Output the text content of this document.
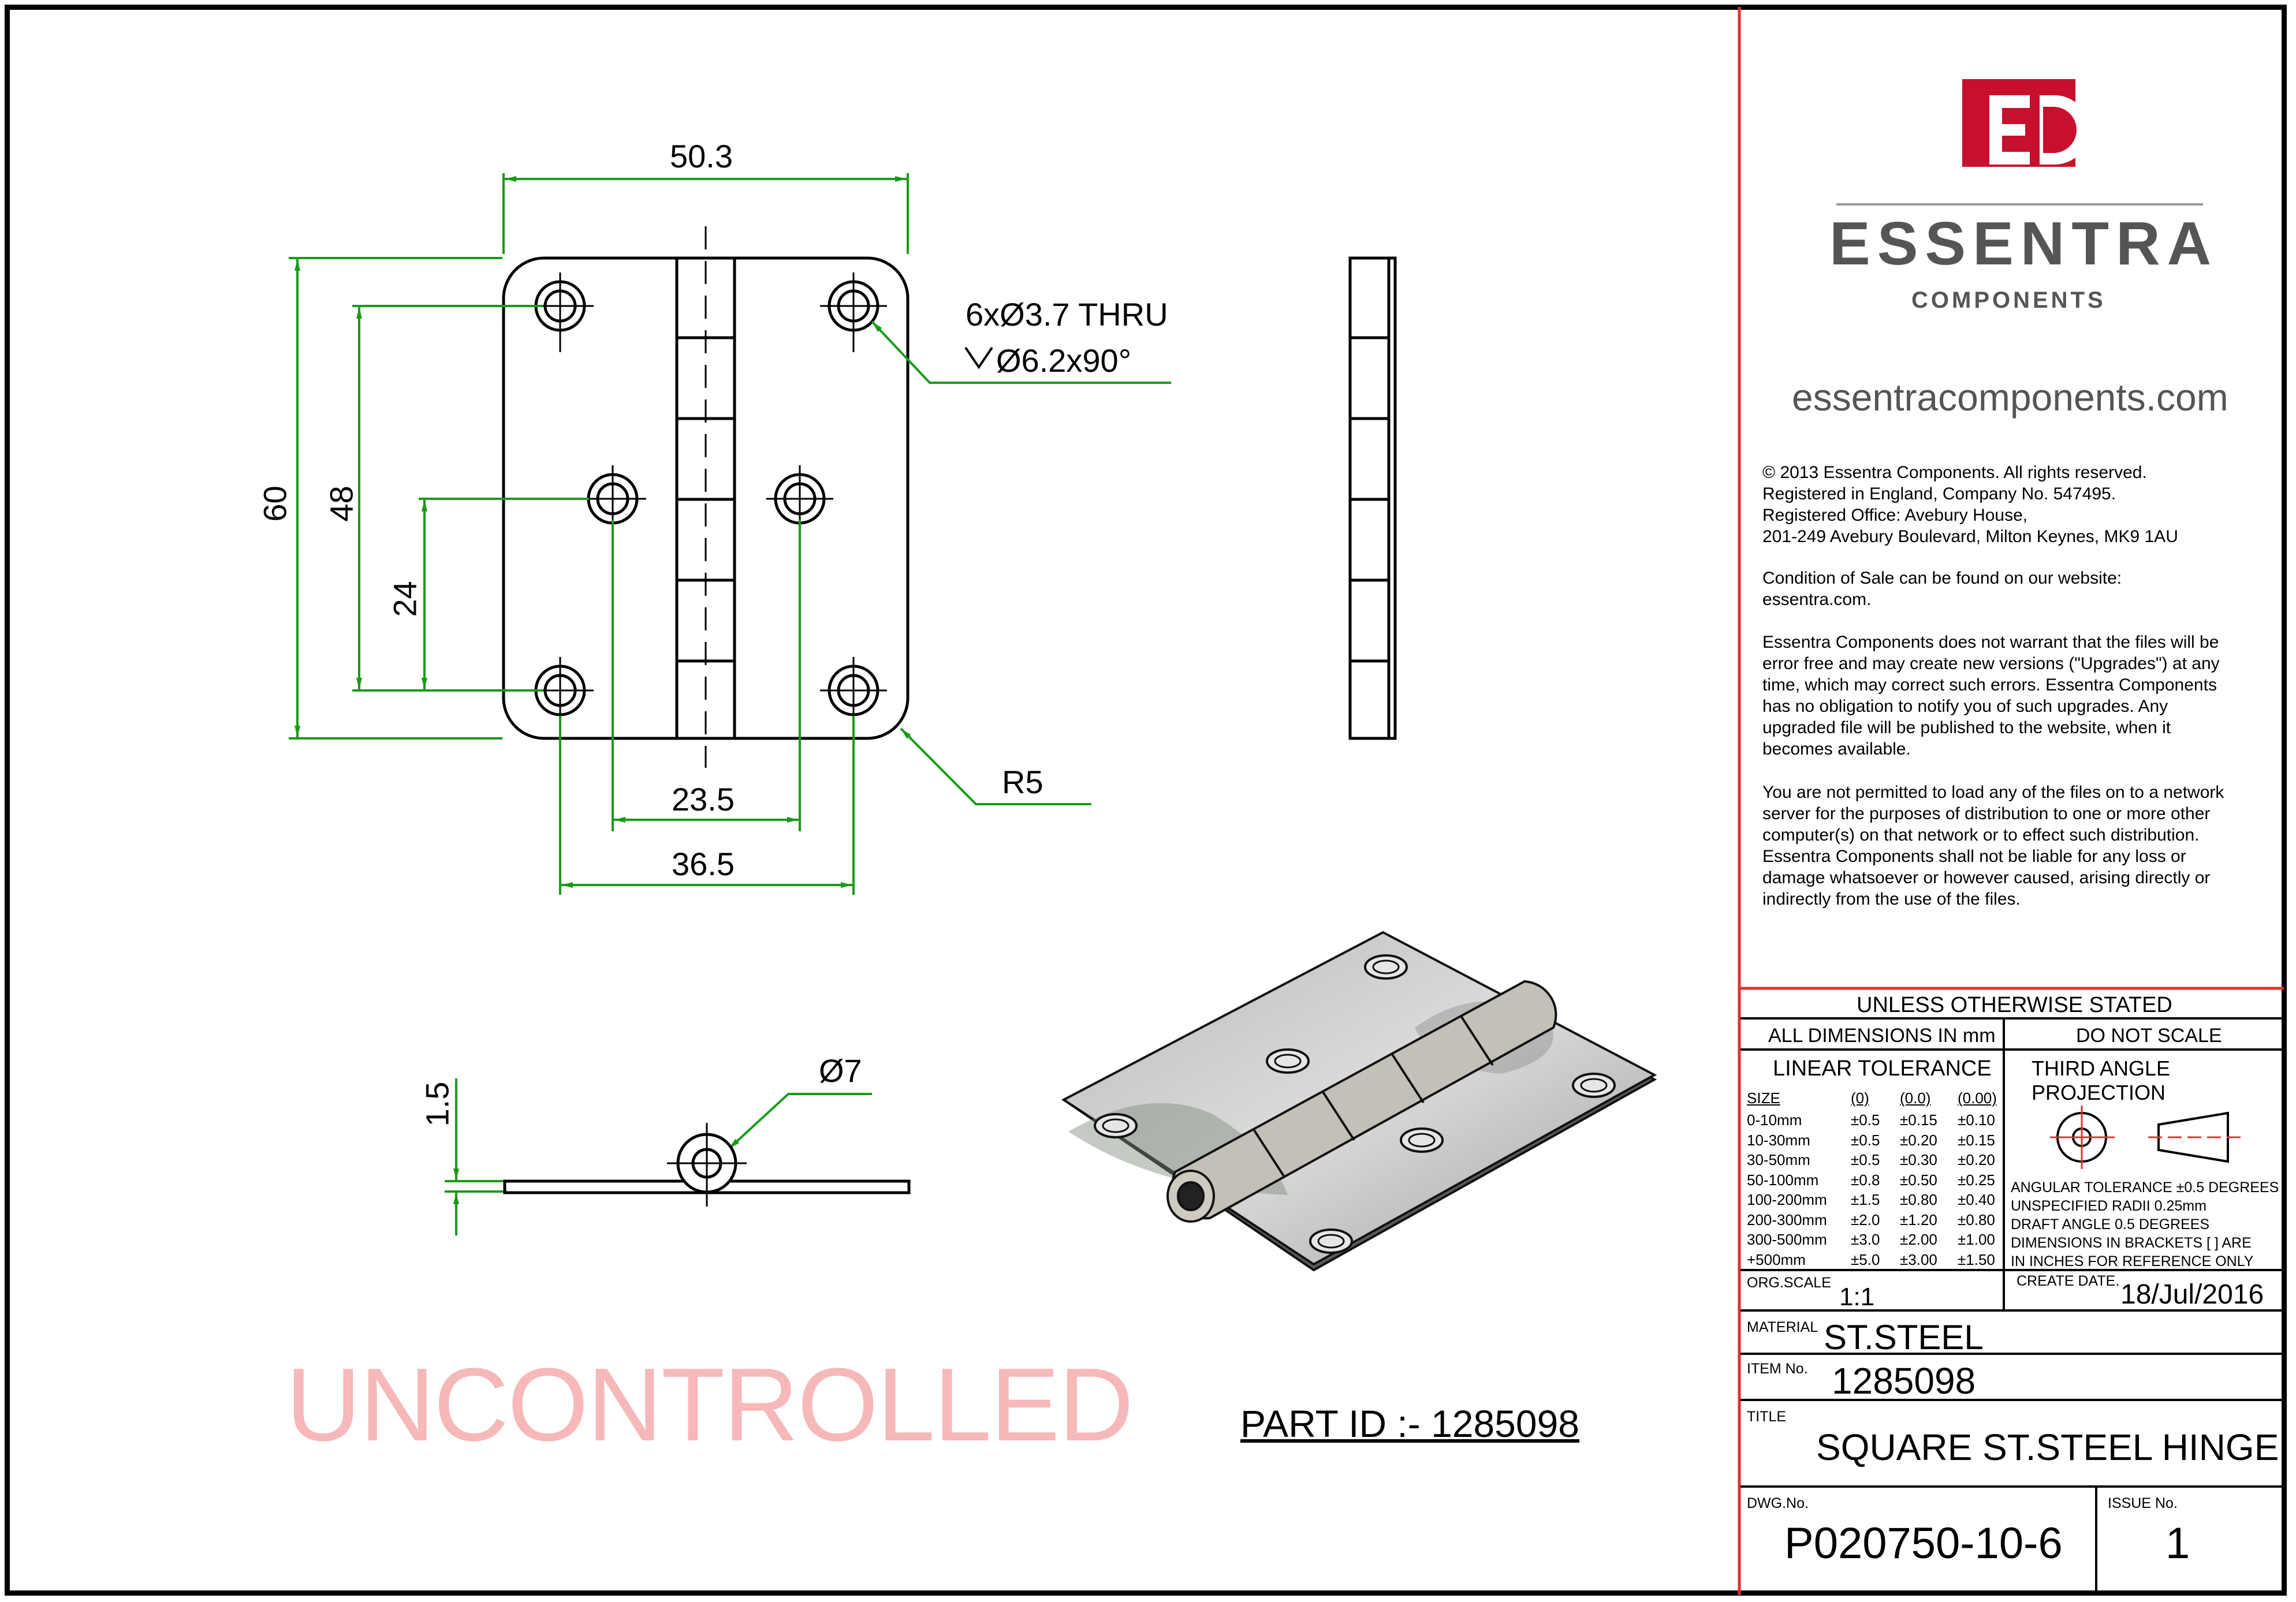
50.3
60 48
24
23.5
36.5
R5
6xØ3.7 THRU
Ø6.2x90°
1.5
Ø7
UNCONTROLLED	PART ID :- 1285098
ESSENTRA
COMPONENTS
essentracomponents.com
© 2013 Essentra Components. All rights reserved.
Registered in England, Company No. 547495.
Registered Office: Avebury House,
201-249 Avebury Boulevard, Milton Keynes, MK9 1AU
Condition of Sale can be found on our website:
essentra.com.
Essentra Components does not warrant that the files will be
error free and may create new versions ("Upgrades") at any
time, which may correct such errors. Essentra Components
has no obligation to notify you of such upgrades. Any
upgraded file will be published to the website, when it
becomes available.
You are not permitted to load any of the files on to a network
server for the purposes of distribution to one or more other
computer(s) on that network or to effect such distribution.
Essentra Components shall not be liable for any loss or
damage whatsoever or however caused, arising directly or
indirectly from the use of the files.
UNLESS OTHERWISE STATED
ALL DIMENSIONS IN mm	DO NOT SCALE
LINEAR TOLERANCE THIRD ANGLE PROJECTION
SIZE	(0) (0.0) (0.00)
0-10mm	±0.5 ±0.15 ±0.10
10-30mm	±0.5 ±0.20 ±0.15
30-50mm	±0.5 ±0.30 ±0.20
50-100mm ±0.8 ±0.50 ±0.25
100-200mm ±1.5 ±0.80 ±0.40
200-300mm ±2.0 ±1.20 ±0.80
300-500mm ±3.0 ±2.00 ±1.00
+500mm	±5.0 ±3.00 ±1.50
ANGULAR TOLERANCE ±0.5 DEGREES
UNSPECIFIED RADII 0.25mm
DRAFT ANGLE 0.5 DEGREES
DIMENSIONS IN BRACKETS [ ] ARE
IN INCHES FOR REFERENCE ONLY
ORG.SCALE 1:1
CREATE DATE. 18/Jul/2016
MATERIAL ST.STEEL
ITEM No. 1285098
TITLE
SQUARE ST.STEEL HINGE
DWG.No.
P020750-10-6
ISSUE No.
1
